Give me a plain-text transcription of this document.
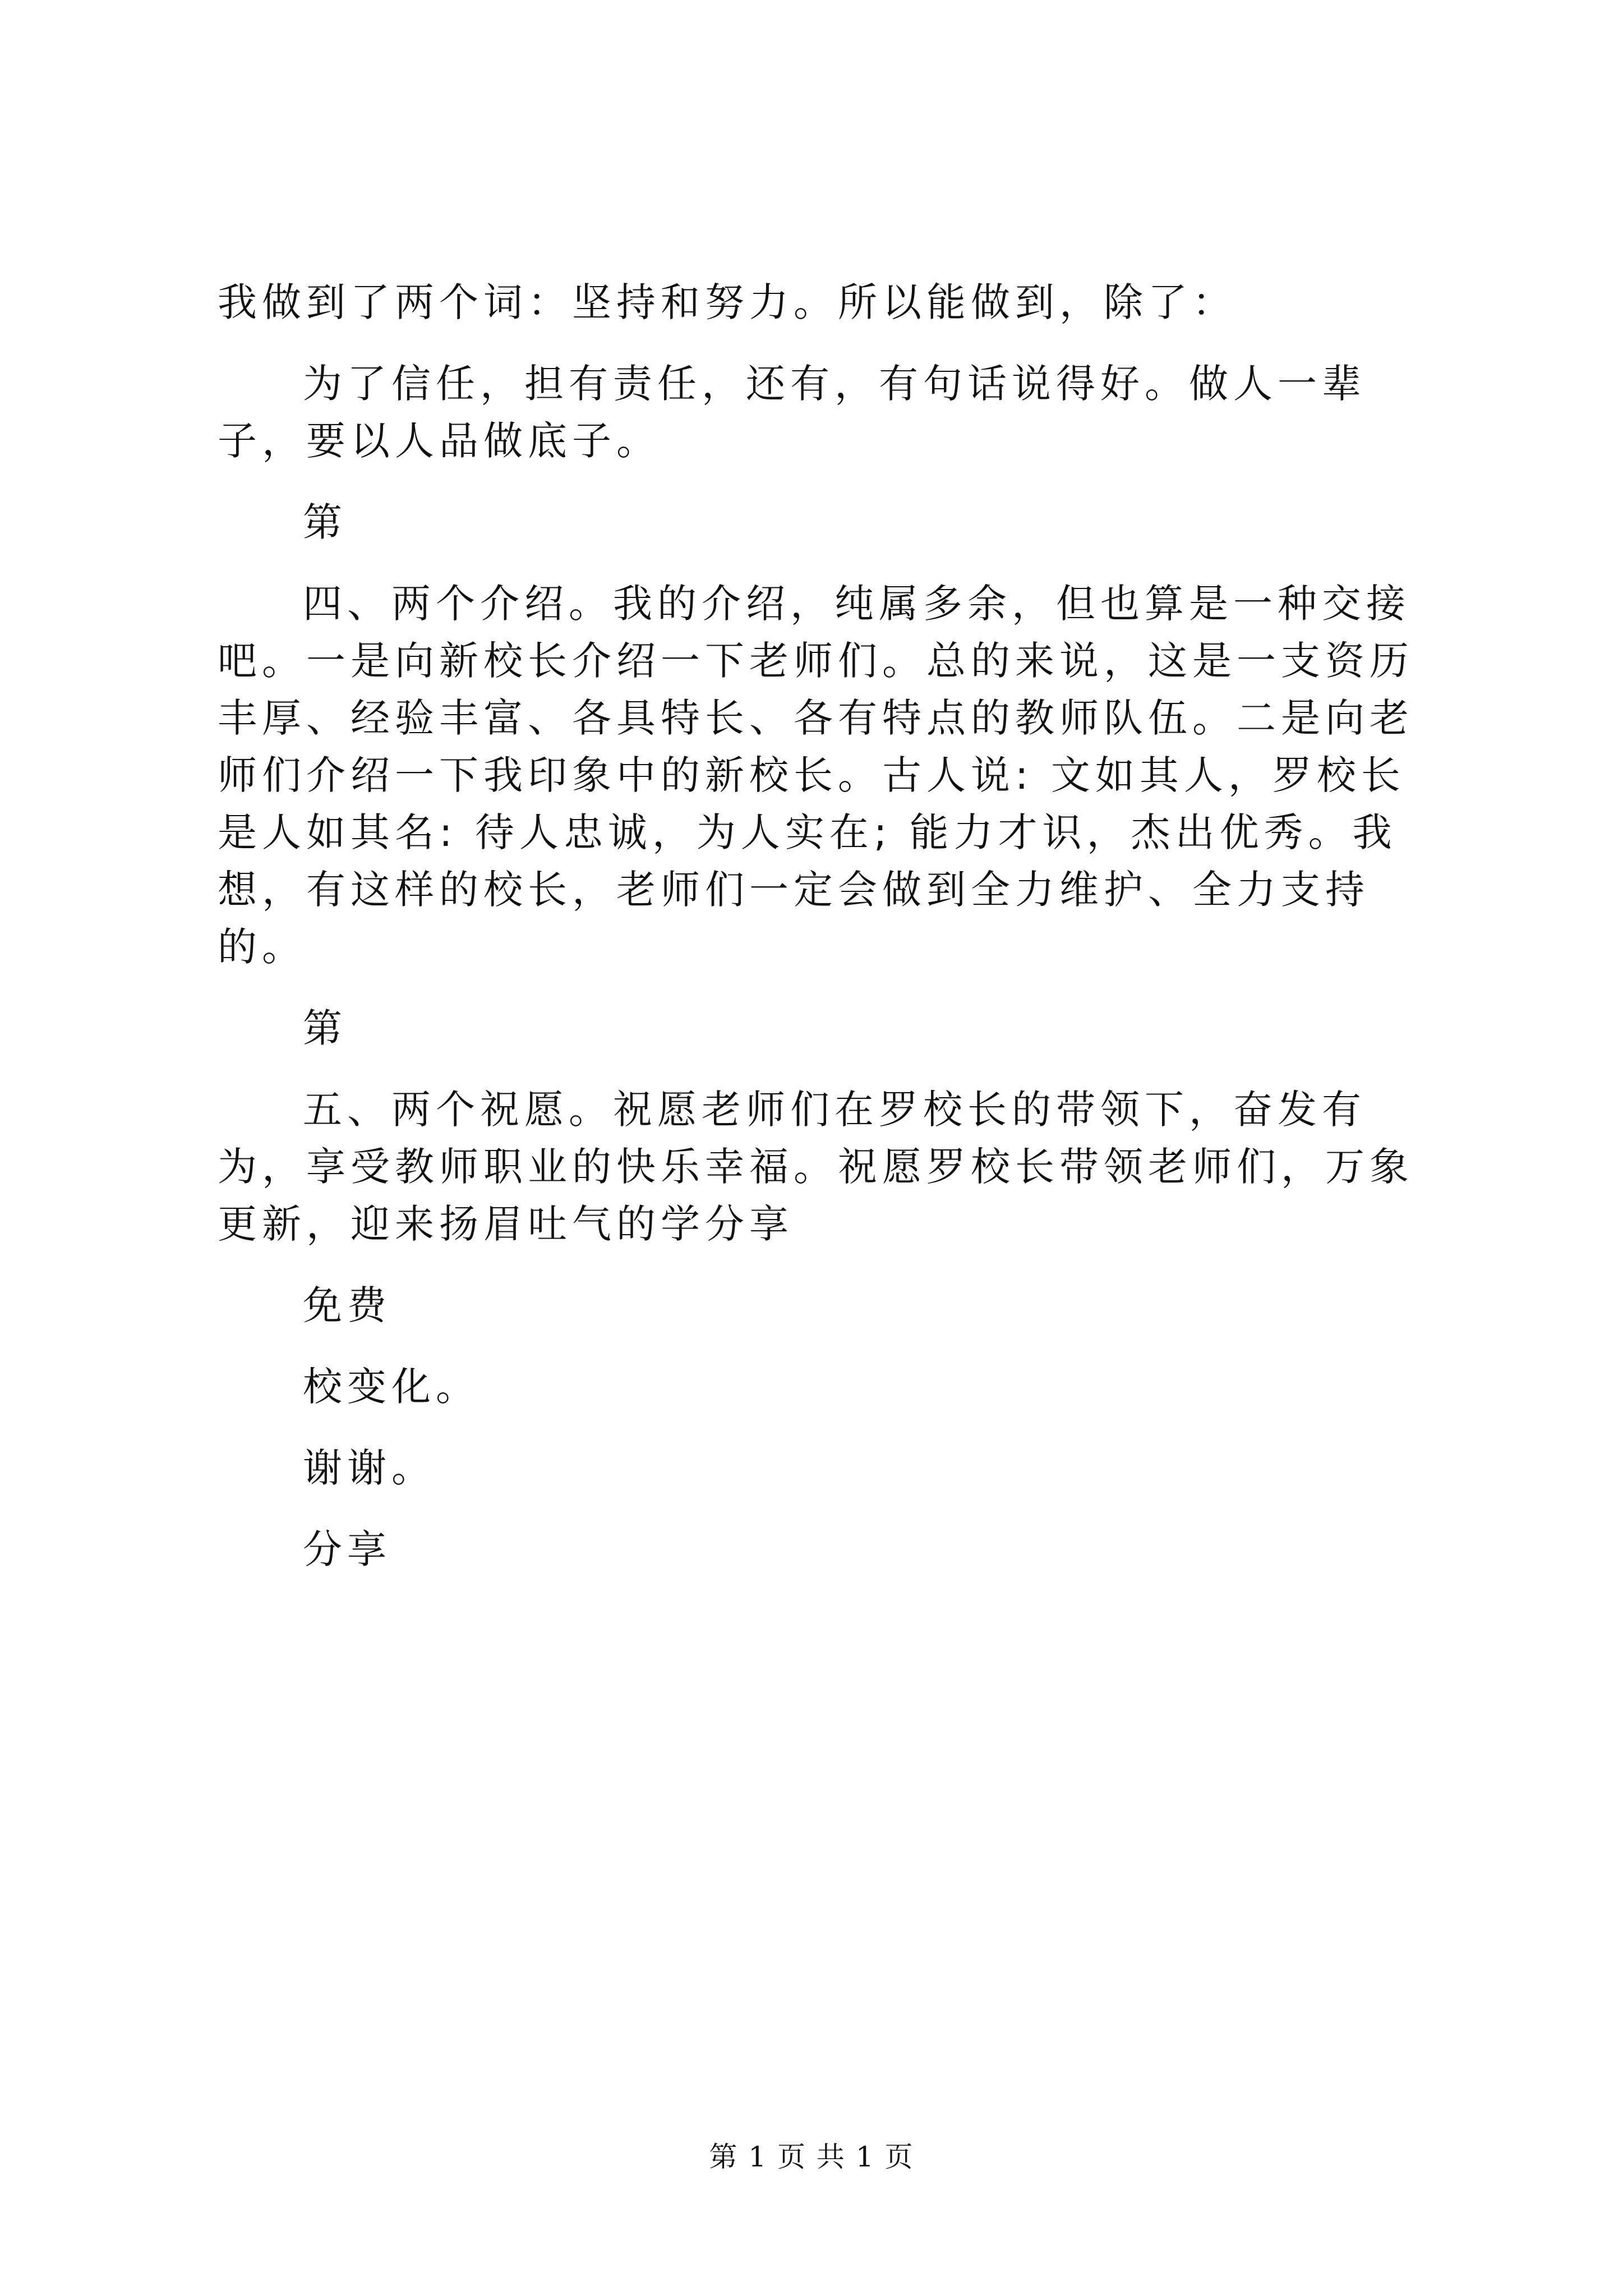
我做到了两个词：坚持和努力。所以能做到，除了：

为了信任，担有责任，还有，有句话说得好。做人一辈子，要以人品做底子。

第

四、两个介绍。我的介绍，纯属多余，但也算是一种交接吧。一是向新校长介绍一下老师们。总的来说，这是一支资历丰厚、经验丰富、各具特长、各有特点的教师队伍。二是向老师们介绍一下我印象中的新校长。古人说: 文如其人，罗校长是人如其名: 待人忠诚，为人实在; 能力才识，杰出优秀。我想，有这样的校长，老师们一定会做到全力维护、全力支持的。

第

五、两个祝愿。祝愿老师们在罗校长的带领下，奋发有为，享受教师职业的快乐幸福。祝愿罗校长带领老师们，万象更新，迎来扬眉吐气的学分享

免费

校变化。

谢谢。

分享

第 1 页 共 1 页
